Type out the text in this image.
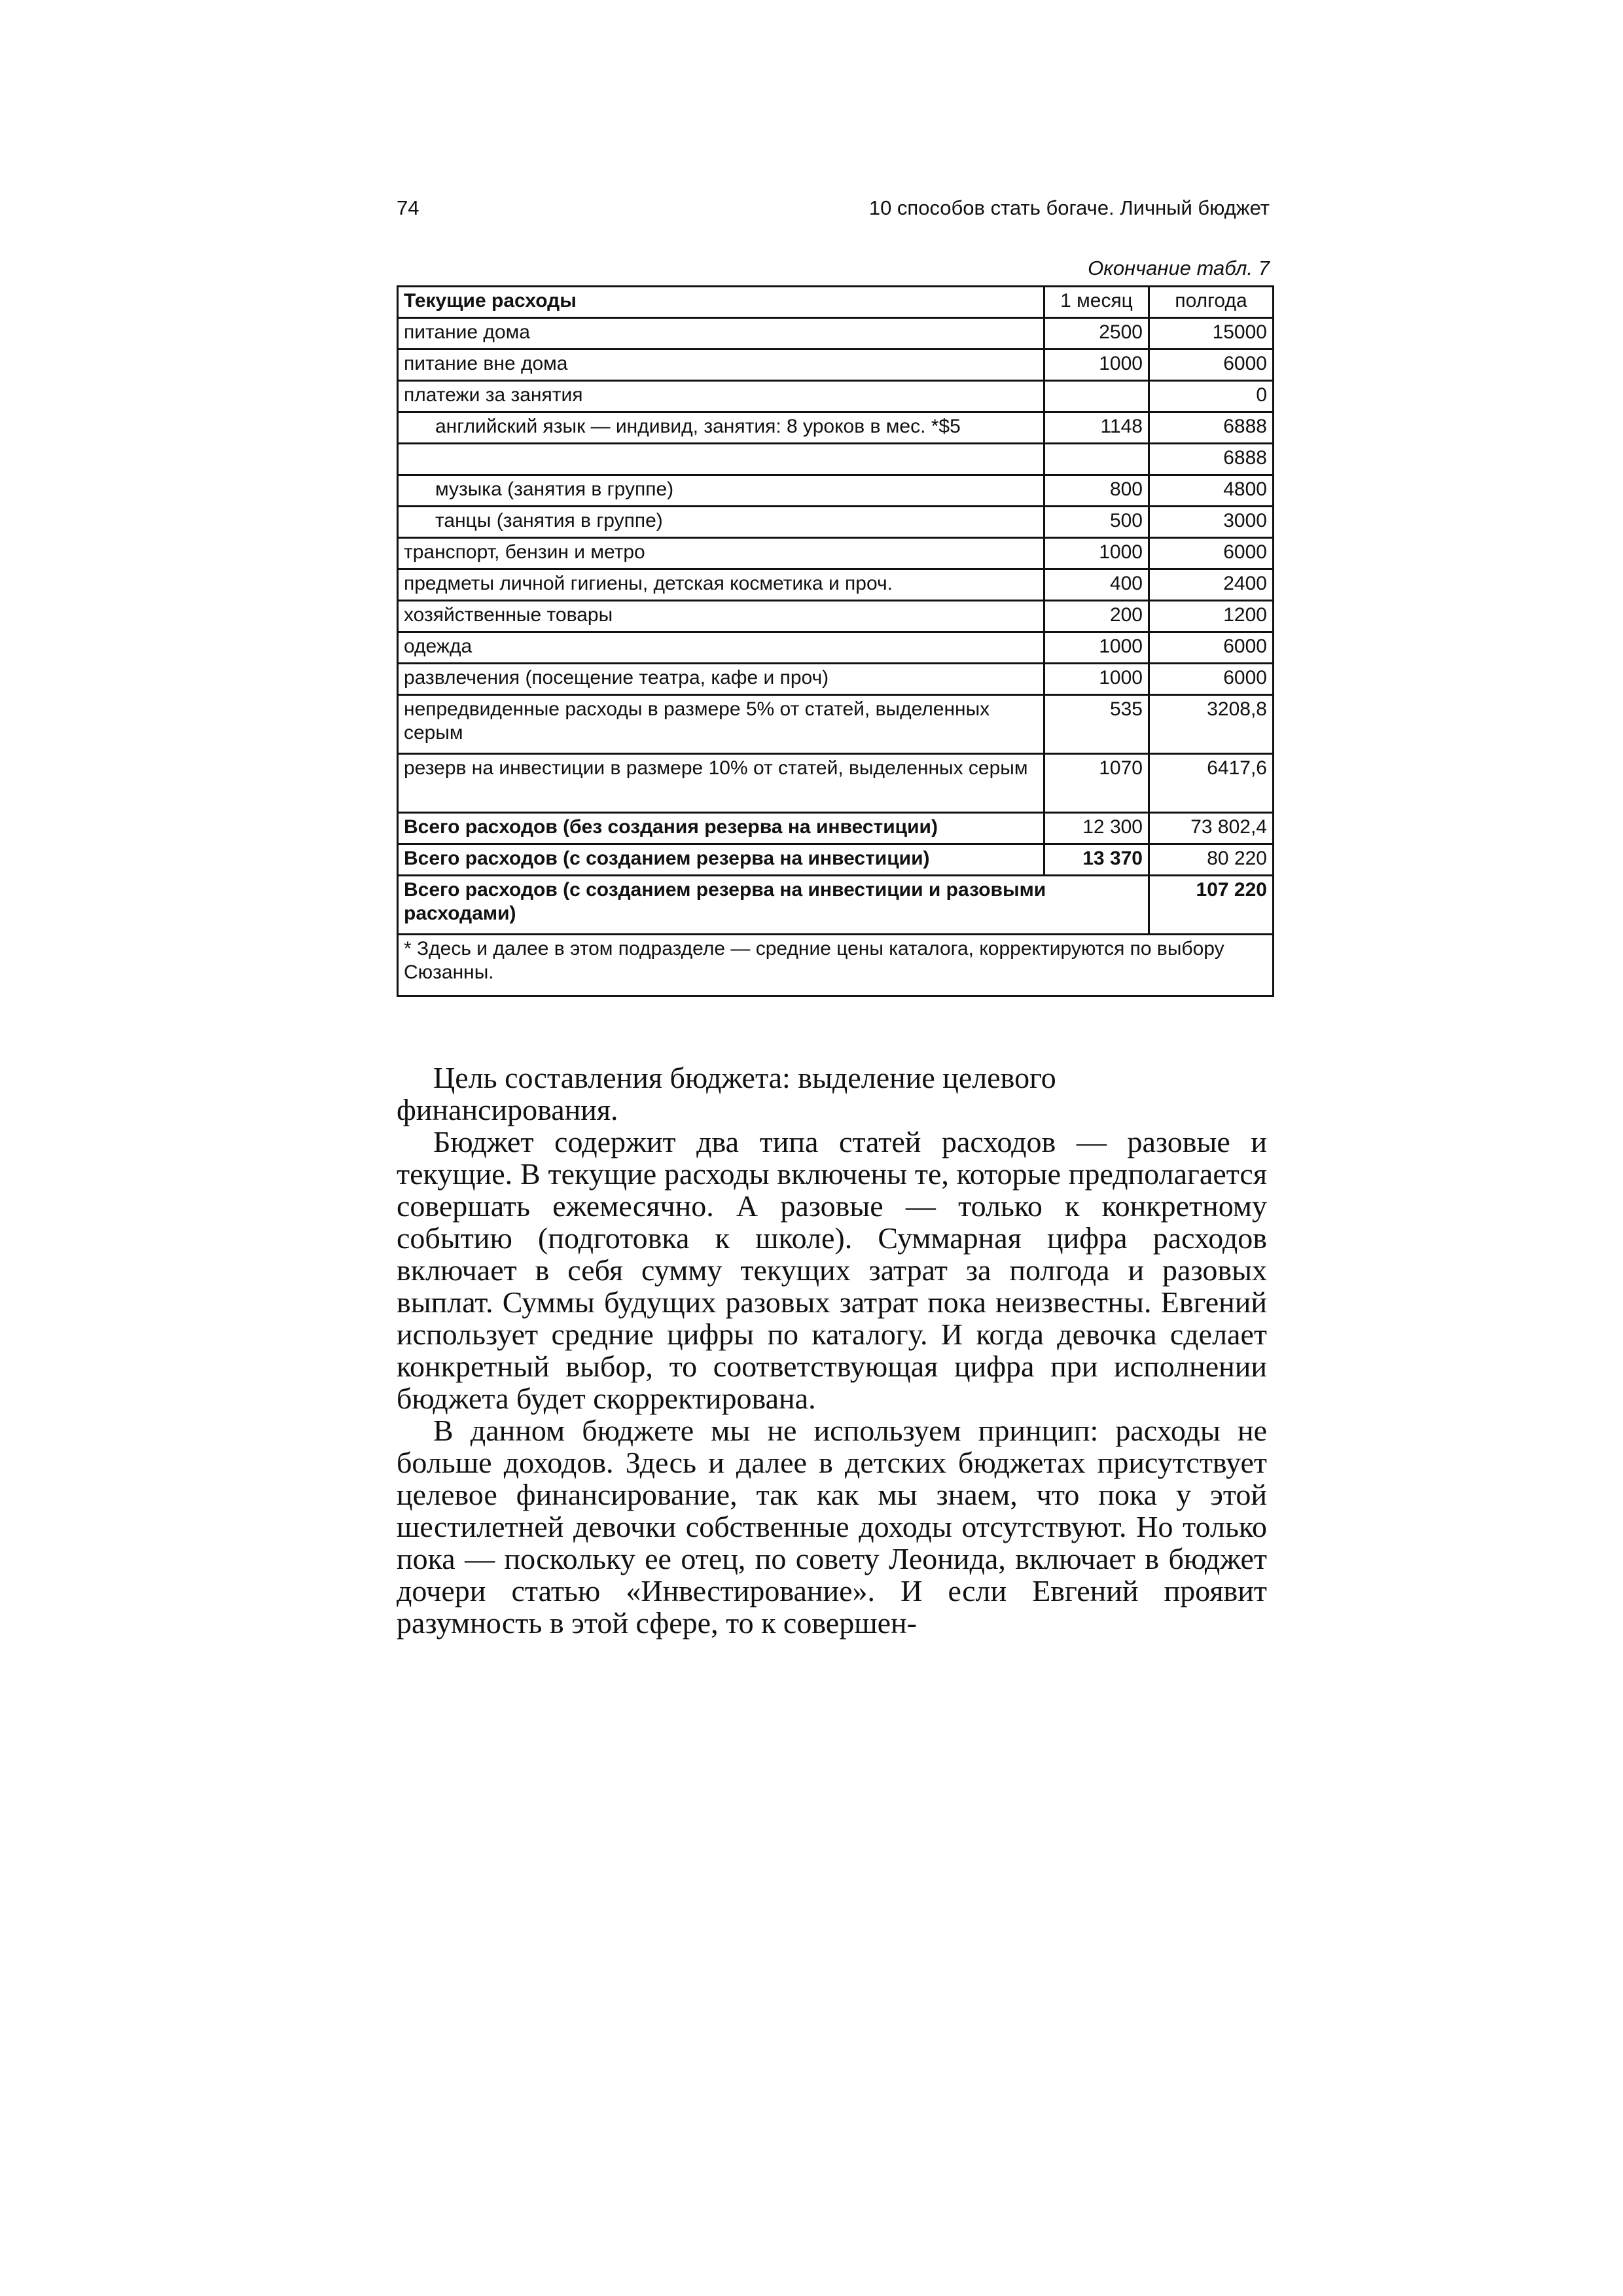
74	10 способов стать богаче. Личный бюджет
Окончание табл. 7
Текущие расходы	1 месяц	полгода
питание дома	2500	15000
питание вне дома	1000	6000
платежи за занятия		0
английский язык — индивид, занятия: 8 уроков в мес. *$5	1148	6888
		6888
музыка (занятия в группе)	800	4800
танцы (занятия в группе)	500	3000
транспорт, бензин и метро	1000	6000
предметы личной гигиены, детская косметика и проч.	400	2400
хозяйственные товары	200	1200
одежда	1000	6000
развлечения (посещение театра, кафе и проч)	1000	6000
непредвиденные расходы в размере 5% от статей, выделенных серым	535	3208,8
резерв на инвестиции в размере 10% от статей, выделенных серым	1070	6417,6
Всего расходов (без создания резерва на инвестиции)	12 300	73 802,4
Всего расходов (с созданием резерва на инвестиции)	13 370	80 220
Всего расходов (с созданием резерва на инвестиции и разовыми расходами)		107 220
* Здесь и далее в этом подразделе — средние цены каталога, корректируются по выбору Сюзанны.		

Цель составления бюджета: выделение целевого финансирования.

Бюджет содержит два типа статей расходов — разовые и текущие. В текущие расходы включены те, которые предполагается совершать ежемесячно. А разовые — только к конкретному событию (подготовка к школе). Суммарная цифра расходов включает в себя сумму текущих затрат за полгода и разовых выплат. Суммы будущих разовых затрат пока неизвестны. Евгений использует средние цифры по каталогу. И когда девочка сделает конкретный выбор, то соответствующая цифра при исполнении бюджета будет скорректирована.

В данном бюджете мы не используем принцип: расходы не больше доходов. Здесь и далее в детских бюджетах присутствует целевое финансирование, так как мы знаем, что пока у этой шестилетней девочки собственные доходы отсутствуют. Но только пока — поскольку ее отец, по совету Леонида, включает в бюджет дочери статью «Инвестирование». И если Евгений проявит разумность в этой сфере, то к совершен-
